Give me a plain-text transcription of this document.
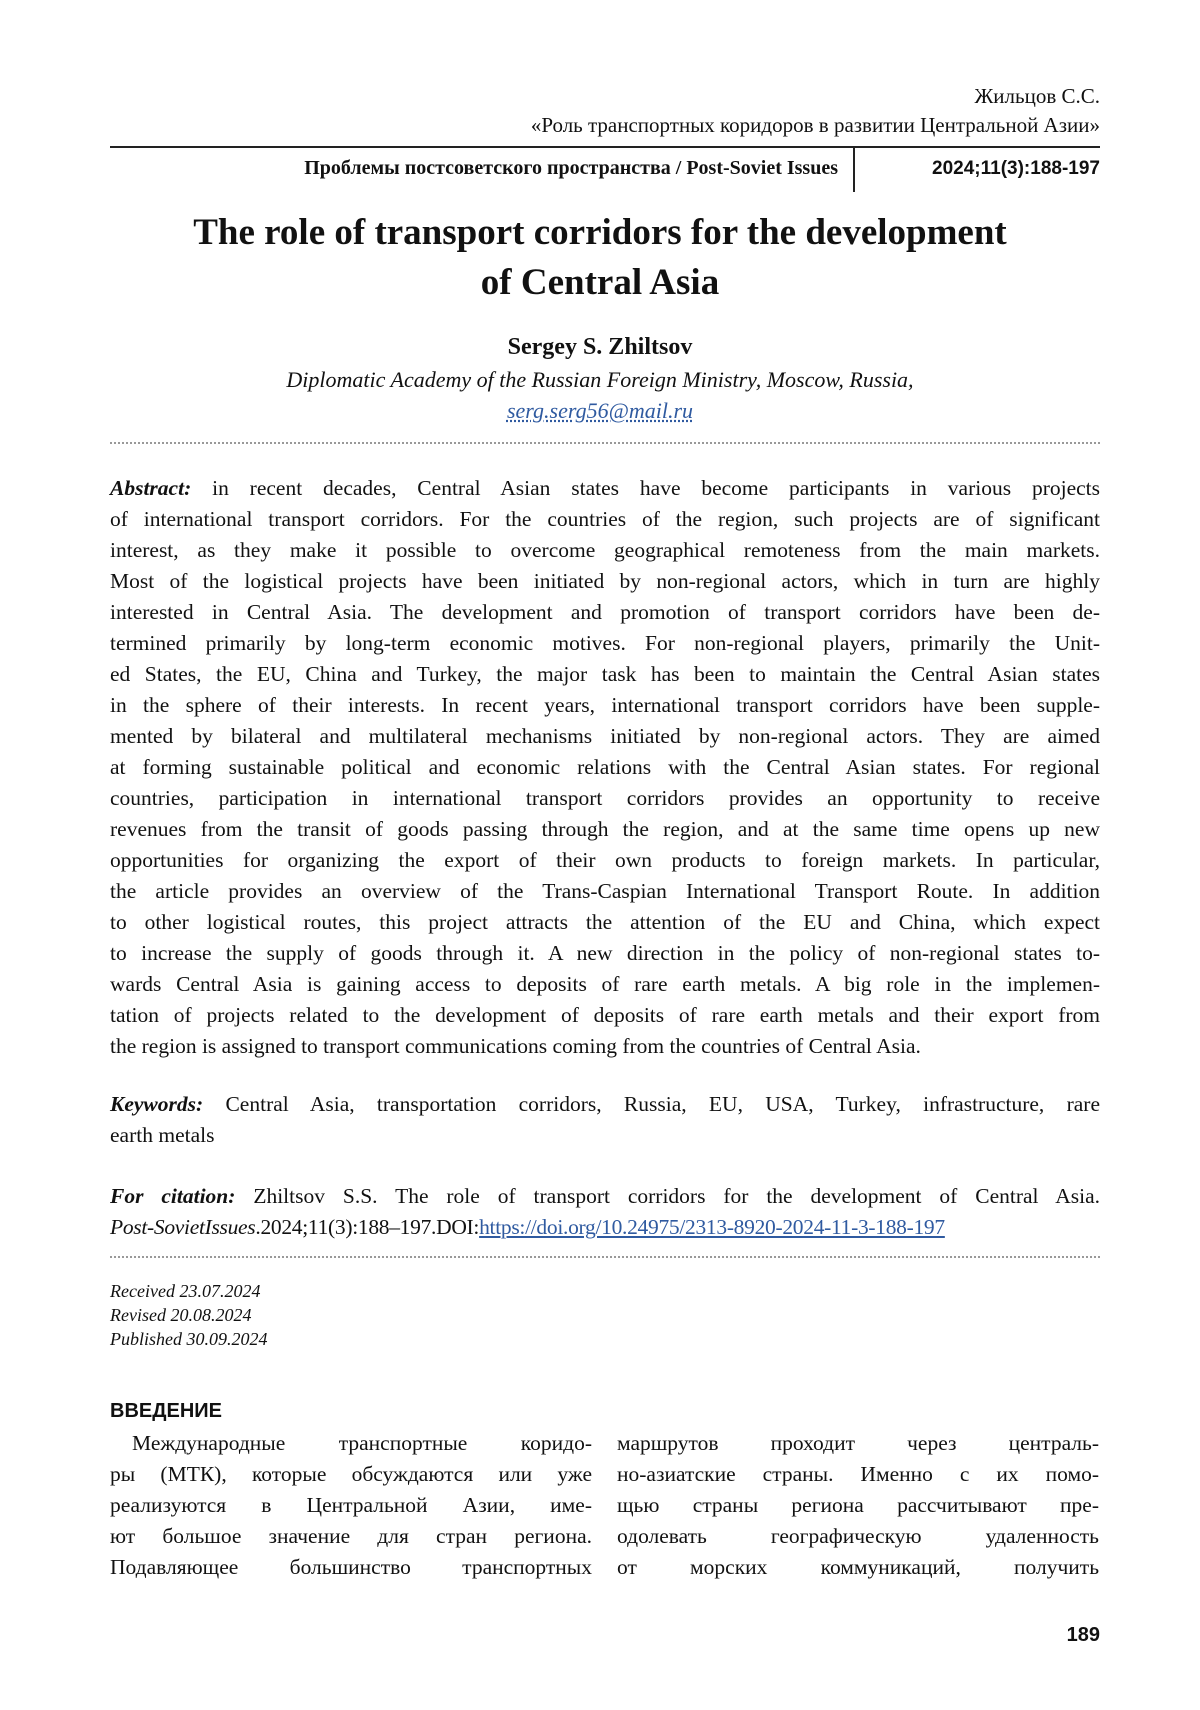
Жильцов С.С.
«Роль транспортных коридоров в развитии Центральной Азии»
Проблемы постсоветского пространства / Post-Soviet Issues	2024;11(3):188-197
The role of transport corridors for the development
of Central Asia
Sergey S. Zhiltsov
Diplomatic Academy of the Russian Foreign Ministry, Moscow, Russia,
serg.serg56@mail.ru
Abstract: in recent decades, Central Asian states have become participants in various projects
of international transport corridors. For the countries of the region, such projects are of significant
interest, as they make it possible to overcome geographical remoteness from the main markets.
Most of the logistical projects have been initiated by non-regional actors, which in turn are highly
interested in Central Asia. The development and promotion of transport corridors have been de-
termined primarily by long-term economic motives. For non-regional players, primarily the Unit-
ed States, the EU, China and Turkey, the major task has been to maintain the Central Asian states
in the sphere of their interests. In recent years, international transport corridors have been supple-
mented by bilateral and multilateral mechanisms initiated by non-regional actors. They are aimed
at forming sustainable political and economic relations with the Central Asian states. For regional
countries, participation in international transport corridors provides an opportunity to receive
revenues from the transit of goods passing through the region, and at the same time opens up new
opportunities for organizing the export of their own products to foreign markets. In particular,
the article provides an overview of the Trans-Caspian International Transport Route. In addition
to other logistical routes, this project attracts the attention of the EU and China, which expect
to increase the supply of goods through it. A new direction in the policy of non-regional states to-
wards Central Asia is gaining access to deposits of rare earth metals. A big role in the implemen-
tation of projects related to the development of deposits of rare earth metals and their export from
the region is assigned to transport communications coming from the countries of Central Asia.
Keywords: Central Asia, transportation corridors, Russia, EU, USA, Turkey, infrastructure, rare
earth metals
For citation: Zhiltsov S.S. The role of transport corridors for the development of Central Asia.
Post-SovietIssues.2024;11(3):188–197.DOI:https://doi.org/10.24975/2313-8920-2024-11-3-188-197
Received 23.07.2024
Revised 20.08.2024
Published 30.09.2024
ВВЕДЕНИЕ
Международные транспортные коридо-
ры (МТК), которые обсуждаются или уже
реализуются в Центральной Азии, име-
ют большое значение для стран региона.
Подавляющее большинство транспортных
маршрутов проходит через централь-
но-азиатские страны. Именно с их помо-
щью страны региона рассчитывают пре-
одолевать географическую удаленность
от морских коммуникаций, получить
189
